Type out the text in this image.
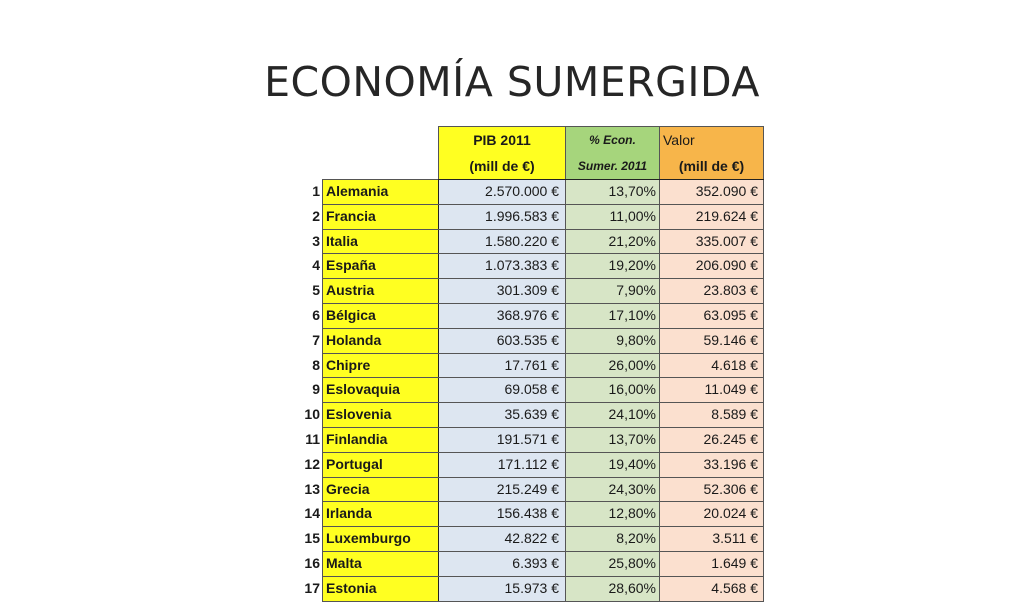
ECONOMÍA SUMERGIDA
		PIB 2011	% Econ.	Valor
		(mill de €)	Sumer. 2011	(mill de €)
1	Alemania	2.570.000 €	13,70%	352.090 €
2	Francia	1.996.583 €	11,00%	219.624 €
3	Italia	1.580.220 €	21,20%	335.007 €
4	España	1.073.383 €	19,20%	206.090 €
5	Austria	301.309 €	7,90%	23.803 €
6	Bélgica	368.976 €	17,10%	63.095 €
7	Holanda	603.535 €	9,80%	59.146 €
8	Chipre	17.761 €	26,00%	4.618 €
9	Eslovaquia	69.058 €	16,00%	11.049 €
10	Eslovenia	35.639 €	24,10%	8.589 €
11	Finlandia	191.571 €	13,70%	26.245 €
12	Portugal	171.112 €	19,40%	33.196 €
13	Grecia	215.249 €	24,30%	52.306 €
14	Irlanda	156.438 €	12,80%	20.024 €
15	Luxemburgo	42.822 €	8,20%	3.511 €
16	Malta	6.393 €	25,80%	1.649 €
17	Estonia	15.973 €	28,60%	4.568 €
